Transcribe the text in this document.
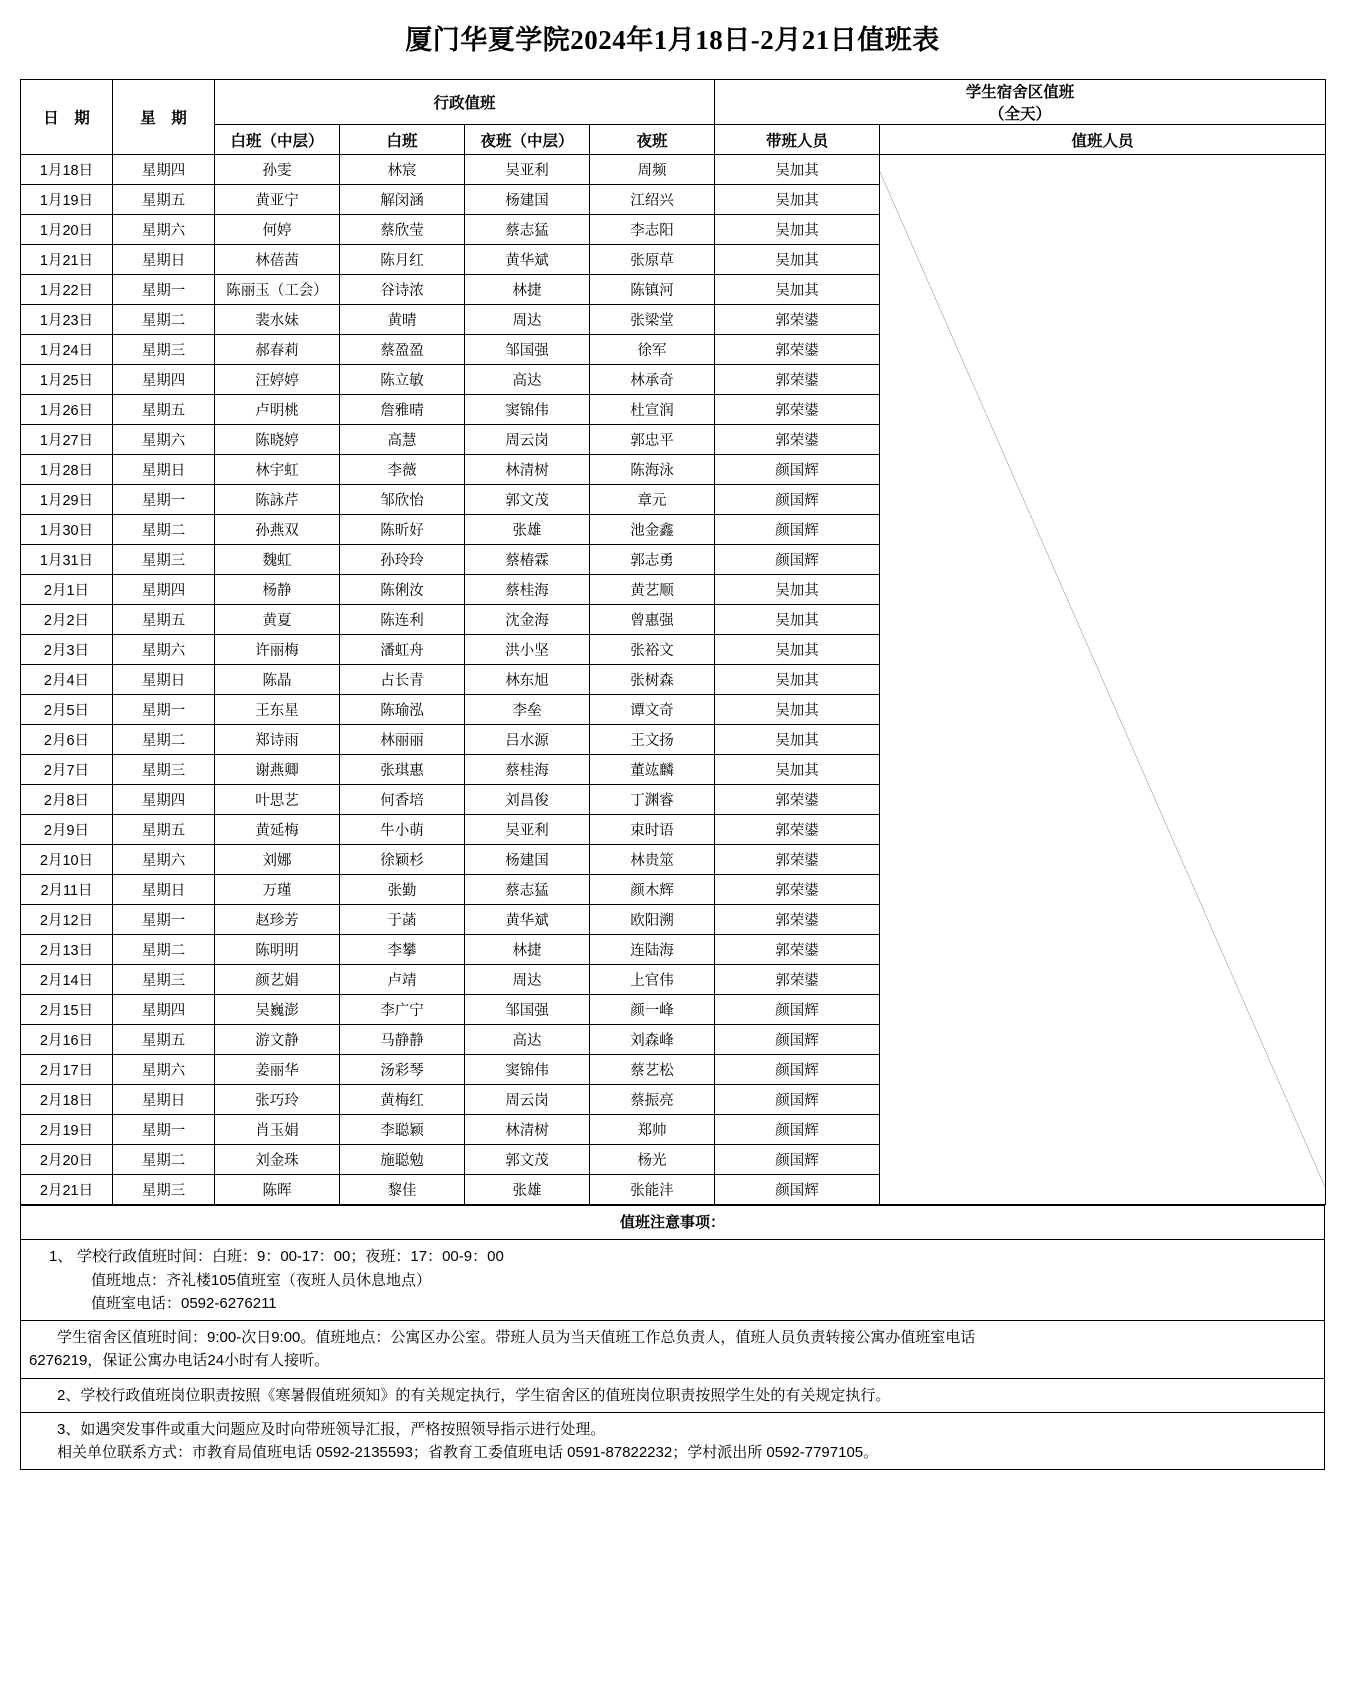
厦门华夏学院2024年1月18日-2月21日值班表
日　期	星　期	行政值班				学生宿舍区值班
（全天）	
		白班（中层）	白班	夜班（中层）	夜班	带班人员	值班人员
1月18日	星期四	孙雯	林宸	吴亚利	周频	吴加其	

1月19日	星期五	黄亚宁	解闵涵	杨建国	江绍兴	吴加其	
1月20日	星期六	何婷	蔡欣莹	蔡志猛	李志阳	吴加其	
1月21日	星期日	林蓓茜	陈月红	黄华斌	张原草	吴加其	
1月22日	星期一	陈丽玉（工会）	谷诗浓	林捷	陈镇河	吴加其	
1月23日	星期二	裴水妹	黄晴	周达	张梁堂	郭荣鍙	
1月24日	星期三	郝春莉	蔡盈盈	邹国强	徐军	郭荣鍙	
1月25日	星期四	汪婷婷	陈立敏	高达	林承奇	郭荣鍙	
1月26日	星期五	卢明桃	詹雅晴	窦锦伟	杜宣润	郭荣鍙	
1月27日	星期六	陈晓婷	高慧	周云岗	郭忠平	郭荣鍙	
1月28日	星期日	林宇虹	李薇	林清树	陈海泳	颜国辉	
1月29日	星期一	陈詠芹	邹欣怡	郭文茂	章元	颜国辉	
1月30日	星期二	孙燕双	陈昕好	张雄	池金鑫	颜国辉	
1月31日	星期三	魏虹	孙玲玲	蔡椿霖	郭志勇	颜国辉	
2月1日	星期四	杨静	陈俐汝	蔡桂海	黄艺顺	吴加其	
2月2日	星期五	黄夏	陈连利	沈金海	曾惠强	吴加其	
2月3日	星期六	许丽梅	潘虹舟	洪小坚	张裕文	吴加其	
2月4日	星期日	陈晶	占长青	林东旭	张树森	吴加其	
2月5日	星期一	王东星	陈瑜泓	李垒	谭文奇	吴加其	
2月6日	星期二	郑诗雨	林丽丽	吕水源	王文扬	吴加其	
2月7日	星期三	谢燕卿	张琪惠	蔡桂海	董竑麟	吴加其	
2月8日	星期四	叶思艺	何香培	刘昌俊	丁渊睿	郭荣鍙	
2月9日	星期五	黄延梅	牛小萌	吴亚利	束时语	郭荣鍙	
2月10日	星期六	刘娜	徐颖杉	杨建国	林贵筮	郭荣鍙	
2月11日	星期日	万瑾	张勤	蔡志猛	颜木辉	郭荣鍙	
2月12日	星期一	赵珍芳	于菡	黄华斌	欧阳溯	郭荣鍙	
2月13日	星期二	陈明明	李攀	林捷	连陆海	郭荣鍙	
2月14日	星期三	颜艺娟	卢靖	周达	上官伟	郭荣鍙	
2月15日	星期四	吴巍澎	李广宁	邹国强	颜一峰	颜国辉	
2月16日	星期五	游文静	马静静	高达	刘森峰	颜国辉	
2月17日	星期六	姜丽华	汤彩琴	窦锦伟	蔡艺松	颜国辉	
2月18日	星期日	张巧玲	黄梅红	周云岗	蔡振亮	颜国辉	
2月19日	星期一	肖玉娟	李聪颖	林清树	郑帅	颜国辉	
2月20日	星期二	刘金珠	施聪勉	郭文茂	杨光	颜国辉	
2月21日	星期三	陈晖	黎佳	张雄	张能沣	颜国辉	
值班注意事项：

1、 学校行政值班时间：白班：9：00-17：00；夜班：17：00-9：00
值班地点：齐礼楼105值班室（夜班人员休息地点）
值班室电话：0592-6276211

学生宿舍区值班时间：9:00-次日9:00。值班地点：公寓区办公室。带班人员为当天值班工作总负责人，值班人员负责转接公寓办值班室电话
6276219，保证公寓办电话24小时有人接听。

2、学校行政值班岗位职责按照《寒暑假值班须知》的有关规定执行，学生宿舍区的值班岗位职责按照学生处的有关规定执行。

3、如遇突发事件或重大问题应及时向带班领导汇报，严格按照领导指示进行处理。
相关单位联系方式：市教育局值班电话 0592-2135593；省教育工委值班电话 0591-87822232；学村派出所 0592-7797105。
